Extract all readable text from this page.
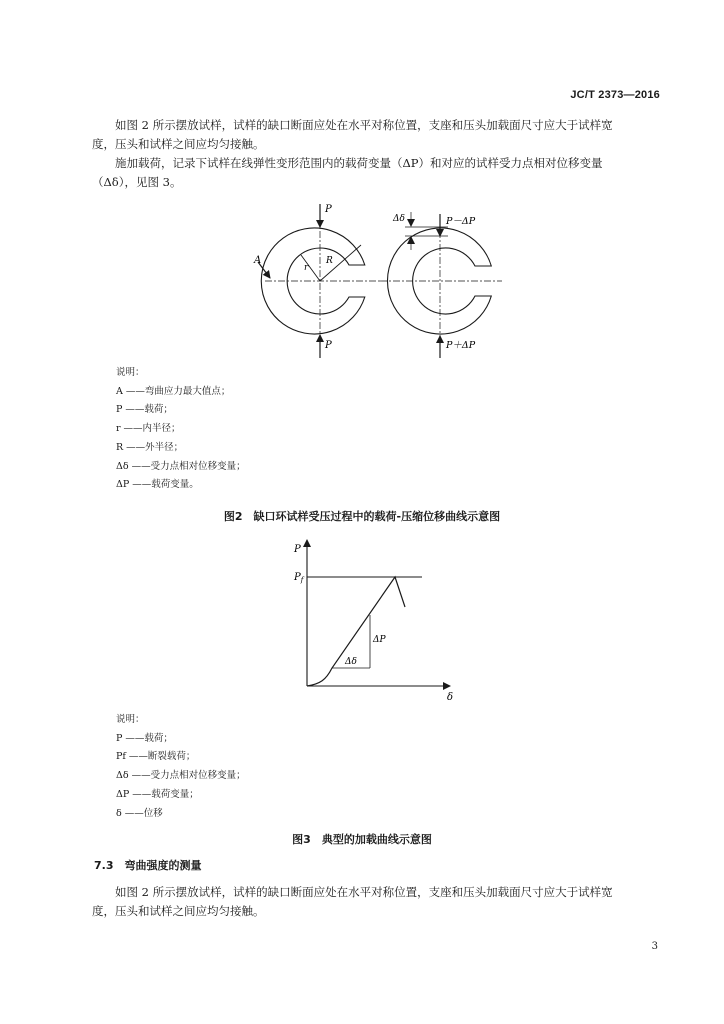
JC/T 2373—2016

如图 2 所示摆放试样，试样的缺口断面应处在水平对称位置，支座和压头加载面尺寸应大于试样宽
度，压头和试样之间应均匀接触。

施加载荷，记录下试样在线弹性变形范围内的载荷变量（ΔP）和对应的试样受力点相对位移变量
（Δδ），见图 3。

P
P
A
r
R
Δδ	P－ΔP
P＋ΔP
说明：
A ——弯曲应力最大值点；
P ——载荷；
r ——内半径；
R ——外半径；
Δδ ——受力点相对位移变量；
ΔP ——载荷变量。
图2　缺口环试样受压过程中的载荷-压缩位移曲线示意图
P
$P_f$
δ
ΔP
Δδ
说明：
P ——载荷；
Pf ——断裂载荷；
Δδ ——受力点相对位移变量；
ΔP ——载荷变量；
δ ——位移
图3　典型的加载曲线示意图
7.3　弯曲强度的测量

如图 2 所示摆放试样，试样的缺口断面应处在水平对称位置，支座和压头加载面尺寸应大于试样宽
度，压头和试样之间应均匀接触。

3
